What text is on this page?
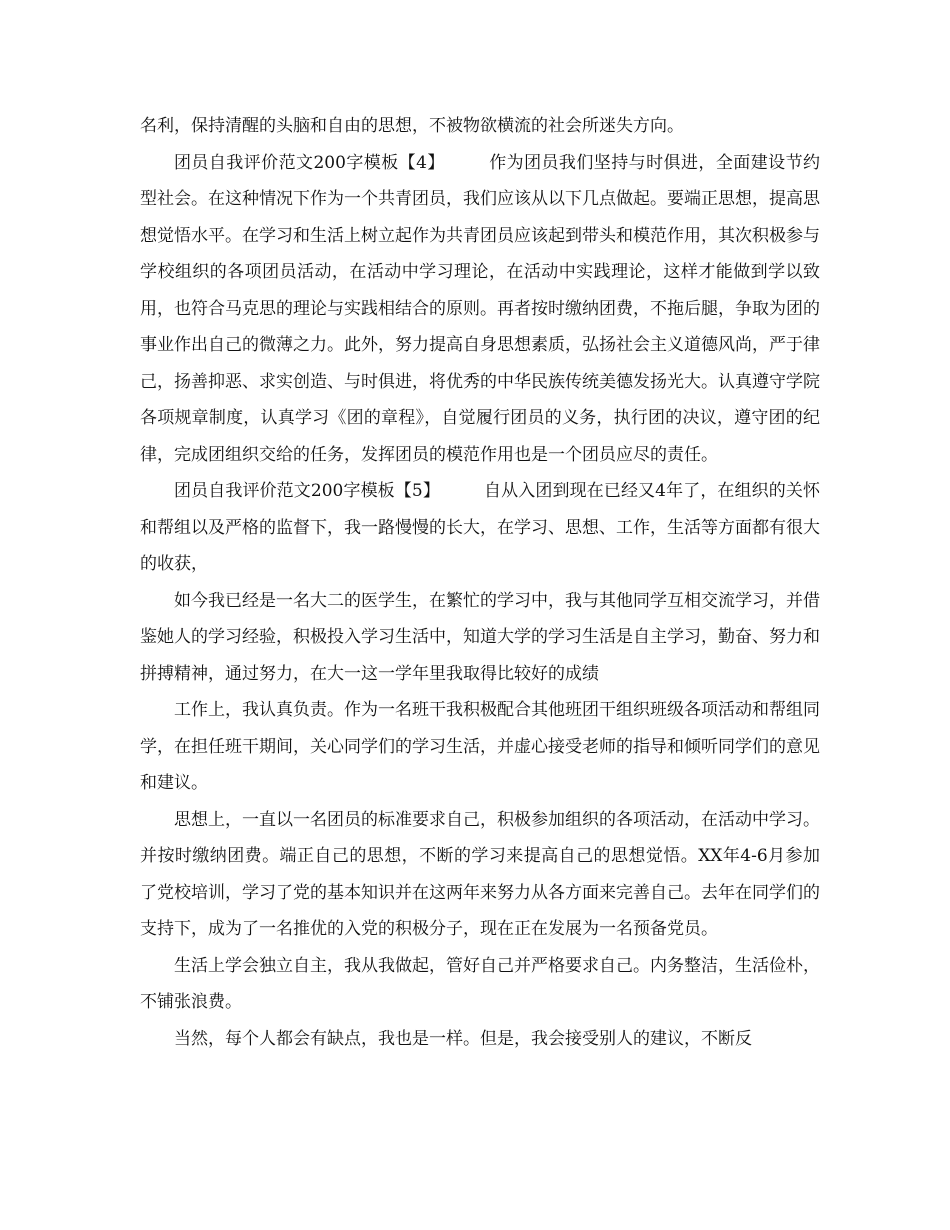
名利，保持清醒的头脑和自由的思想，不被物欲横流的社会所迷失方向。

团员自我评价范文200字模板【4】	作为团员我们坚持与时俱进，全面建设节约型社会。在这种情况下作为一个共青团员，我们应该从以下几点做起。要端正思想，提高思想觉悟水平。在学习和生活上树立起作为共青团员应该起到带头和模范作用，其次积极参与学校组织的各项团员活动，在活动中学习理论，在活动中实践理论，这样才能做到学以致用，也符合马克思的理论与实践相结合的原则。再者按时缴纳团费，不拖后腿，争取为团的事业作出自己的微薄之力。此外，努力提高自身思想素质，弘扬社会主义道德风尚，严于律己，扬善抑恶、求实创造、与时俱进，将优秀的中华民族传统美德发扬光大。认真遵守学院各项规章制度，认真学习《团的章程》，自觉履行团员的义务，执行团的决议，遵守团的纪律，完成团组织交给的任务，发挥团员的模范作用也是一个团员应尽的责任。

团员自我评价范文200字模板【5】	自从入团到现在已经又4年了，在组织的关怀和帮组以及严格的监督下，我一路慢慢的长大，在学习、思想、工作，生活等方面都有很大的收获，

如今我已经是一名大二的医学生，在繁忙的学习中，我与其他同学互相交流学习，并借鉴她人的学习经验，积极投入学习生活中，知道大学的学习生活是自主学习，勤奋、努力和拼搏精神，通过努力，在大一这一学年里我取得比较好的成绩

工作上，我认真负责。作为一名班干我积极配合其他班团干组织班级各项活动和帮组同学，在担任班干期间，关心同学们的学习生活，并虚心接受老师的指导和倾听同学们的意见和建议。

思想上，一直以一名团员的标准要求自己，积极参加组织的各项活动，在活动中学习。并按时缴纳团费。端正自己的思想，不断的学习来提高自己的思想觉悟。XX年4-6月参加了党校培训，学习了党的基本知识并在这两年来努力从各方面来完善自己。去年在同学们的支持下，成为了一名推优的入党的积极分子，现在正在发展为一名预备党员。

生活上学会独立自主，我从我做起，管好自己并严格要求自己。内务整洁，生活俭朴，不铺张浪费。

当然，每个人都会有缺点，我也是一样。但是，我会接受别人的建议，不断反
